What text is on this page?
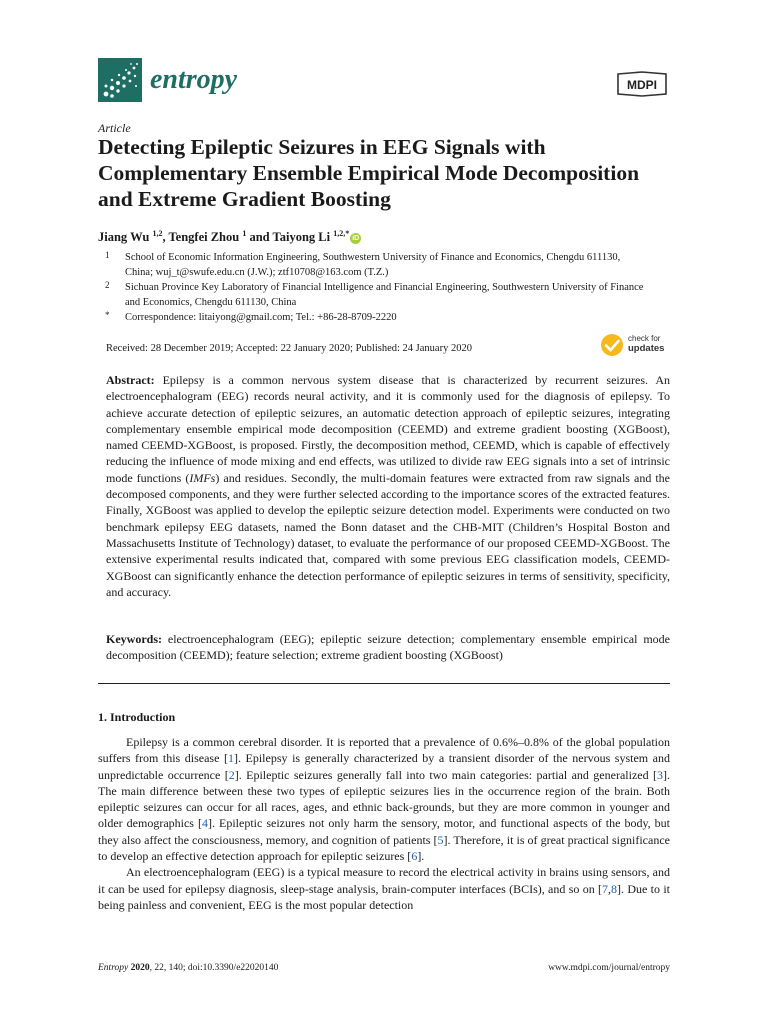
entropy	MDPI
Article
Detecting Epileptic Seizures in EEG Signals with Complementary Ensemble Empirical Mode Decomposition and Extreme Gradient Boosting
Jiang Wu $^{1,2}$, Tengfei Zhou $^1$ and Taiyong Li $^{1,2,*}$iD
1 School of Economic Information Engineering, Southwestern University of Finance and Economics, Chengdu 611130, China; wuj_t@swufe.edu.cn (J.W.); ztf10708@163.com (T.Z.)
2 Sichuan Province Key Laboratory of Financial Intelligence and Financial Engineering, Southwestern University of Finance and Economics, Chengdu 611130, China
* Correspondence: litaiyong@gmail.com; Tel.: +86-28-8709-2220
Received: 28 December 2019; Accepted: 22 January 2020; Published: 24 January 2020
check for
updates

Abstract: Epilepsy is a common nervous system disease that is characterized by recurrent seizures. An electroencephalogram (EEG) records neural activity, and it is commonly used for the diagnosis of epilepsy. To achieve accurate detection of epileptic seizures, an automatic detection approach of epileptic seizures, integrating complementary ensemble empirical mode decomposition (CEEMD) and extreme gradient boosting (XGBoost), named CEEMD-XGBoost, is proposed. Firstly, the decomposition method, CEEMD, which is capable of effectively reducing the influence of mode mixing and end effects, was utilized to divide raw EEG signals into a set of intrinsic mode functions (IMFs) and residues. Secondly, the multi-domain features were extracted from raw signals and the decomposed components, and they were further selected according to the importance scores of the extracted features. Finally, XGBoost was applied to develop the epileptic seizure detection model. Experiments were conducted on two benchmark epilepsy EEG datasets, named the Bonn dataset and the CHB-MIT (Children’s Hospital Boston and Massachusetts Institute of Technology) dataset, to evaluate the performance of our proposed CEEMD-XGBoost. The extensive experimental results indicated that, compared with some previous EEG classification models, CEEMD-XGBoost can significantly enhance the detection performance of epileptic seizures in terms of sensitivity, specificity, and accuracy.

Keywords: electroencephalogram (EEG); epileptic seizure detection; complementary ensemble empirical mode decomposition (CEEMD); feature selection; extreme gradient boosting (XGBoost)

1. Introduction

Epilepsy is a common cerebral disorder. It is reported that a prevalence of 0.6%–0.8% of the global population suffers from this disease [1]. Epilepsy is generally characterized by a transient disorder of the nervous system and unpredictable occurrence [2]. Epileptic seizures generally fall into two main categories: partial and generalized [3]. The main difference between these two types of epileptic seizures lies in the occurrence region of the brain. Both epileptic seizures can occur for all races, ages, and ethnic back-grounds, but they are more common in younger and older demographics [4]. Epileptic seizures not only harm the sensory, motor, and functional aspects of the body, but they also affect the consciousness, memory, and cognition of patients [5]. Therefore, it is of great practical significance to develop an effective detection approach for epileptic seizures [6].

An electroencephalogram (EEG) is a typical measure to record the electrical activity in brains using sensors, and it can be used for epilepsy diagnosis, sleep-stage analysis, brain-computer interfaces (BCIs), and so on [7,8]. Due to it being painless and convenient, EEG is the most popular detection

Entropy 2020, 22, 140; doi:10.3390/e22020140	www.mdpi.com/journal/entropy
